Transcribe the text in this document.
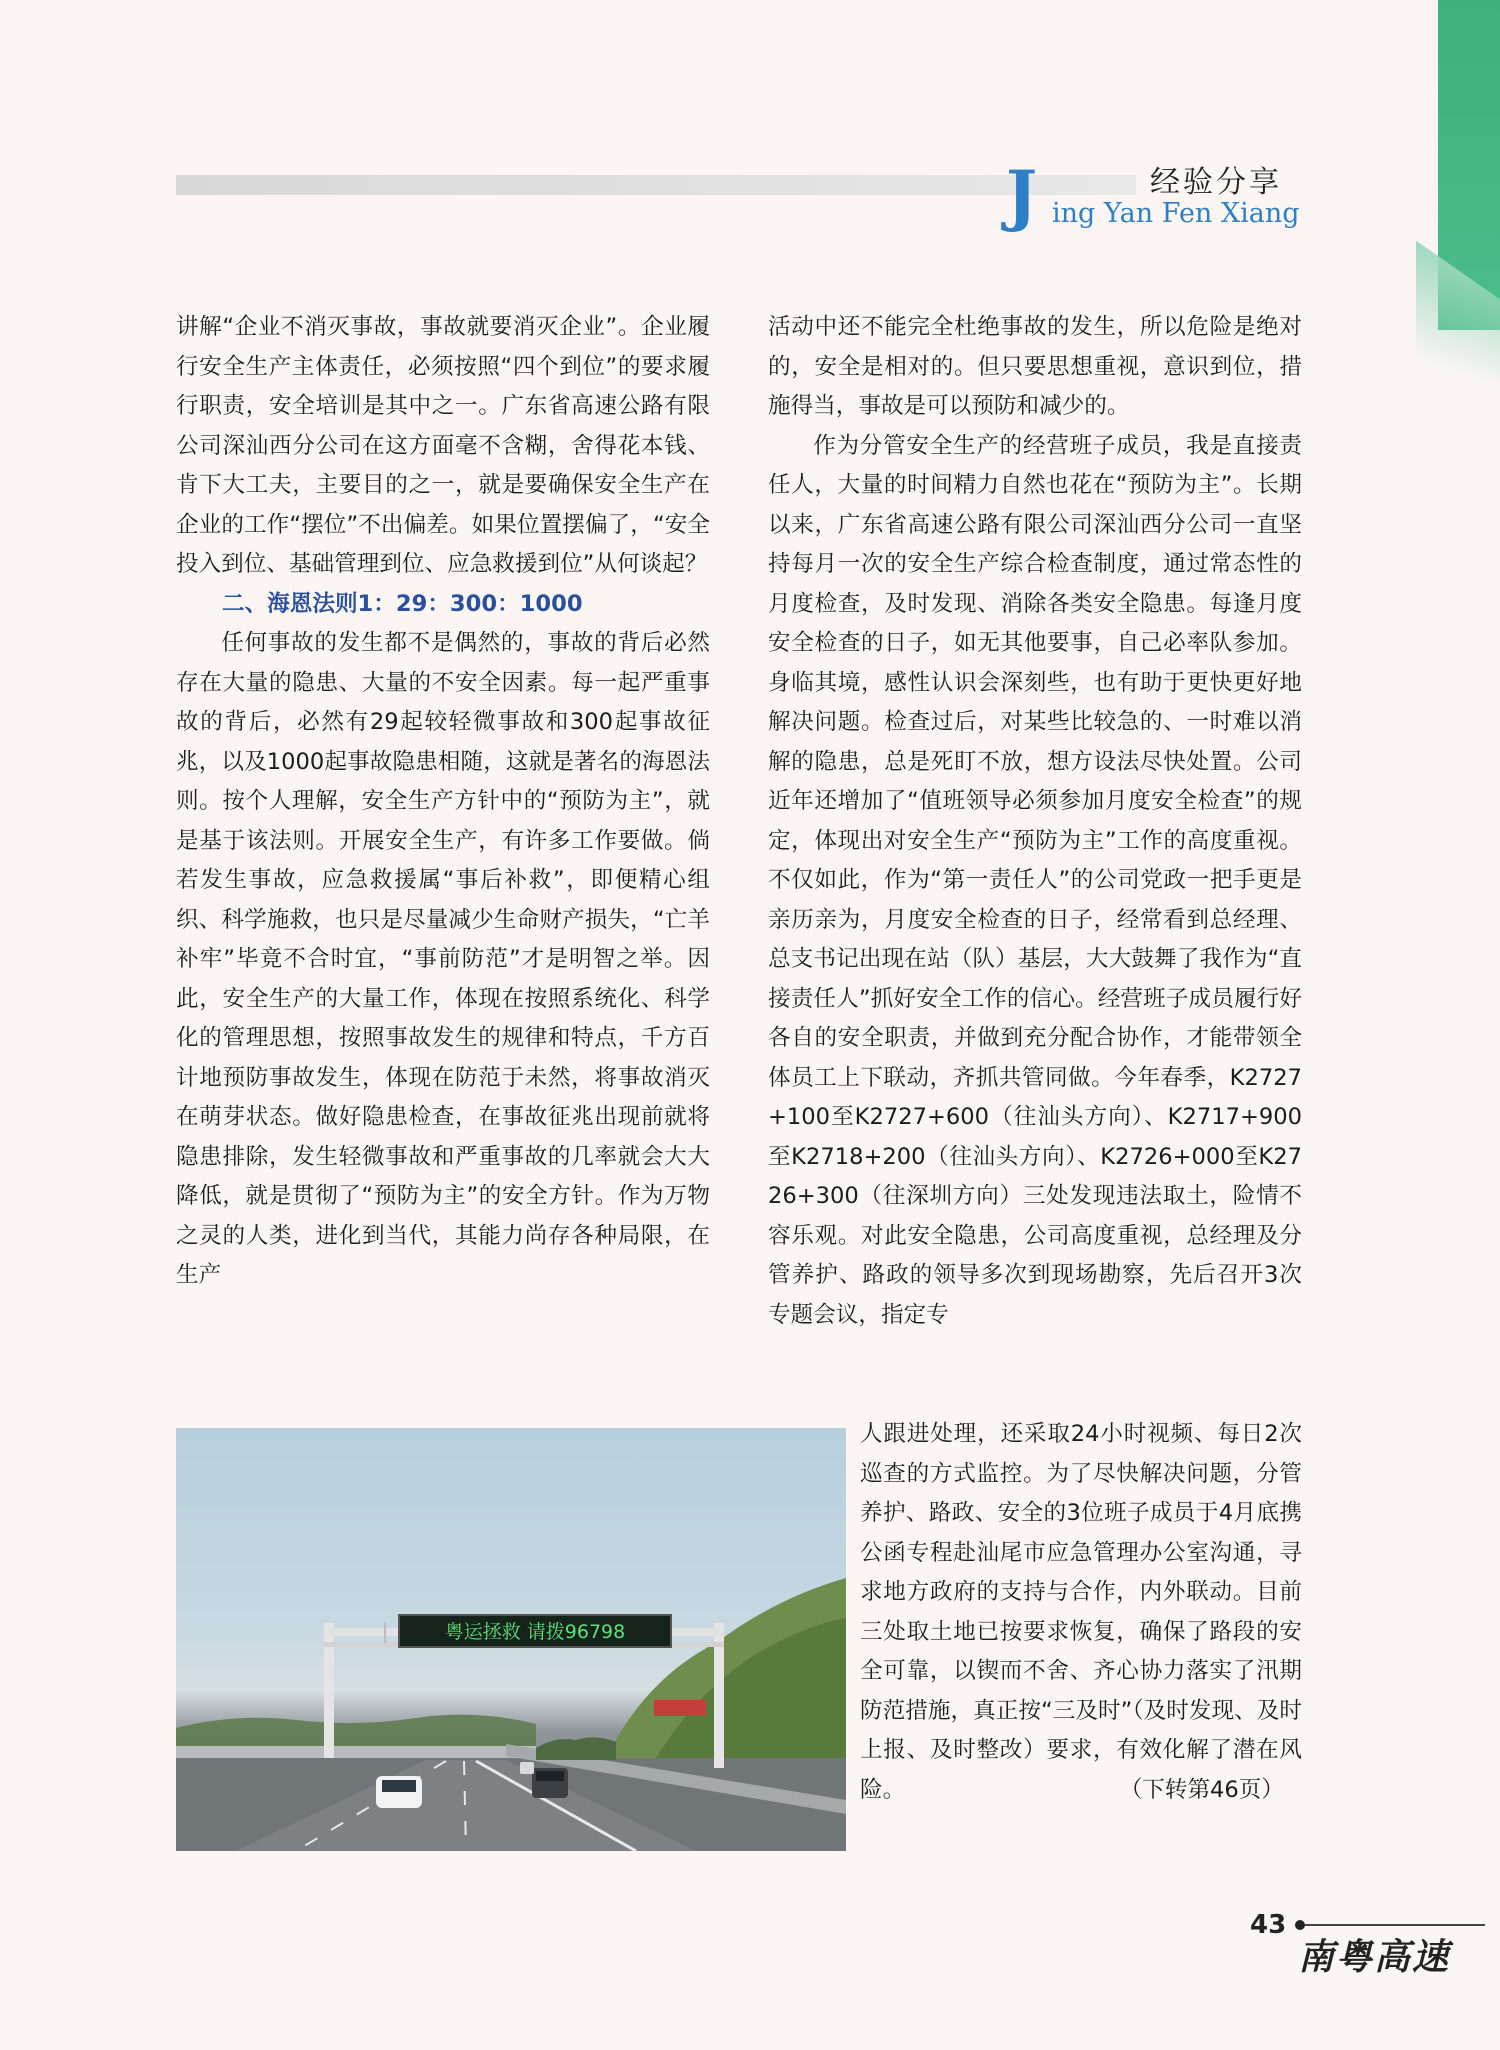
J	经验分享
ing Yan Fen Xiang

讲解“企业不消灭事故，事故就要消灭企业”。企业履行安全生产主体责任，必须按照“四个到位”的要求履行职责，安全培训是其中之一。广东省高速公路有限公司深汕西分公司在这方面毫不含糊，舍得花本钱、肯下大工夫，主要目的之一，就是要确保安全生产在企业的工作“摆位”不出偏差。如果位置摆偏了，“安全投入到位、基础管理到位、应急救援到位”从何谈起？

二、海恩法则1：29：300：1000

任何事故的发生都不是偶然的，事故的背后必然存在大量的隐患、大量的不安全因素。每一起严重事故的背后，必然有29起较轻微事故和300起事故征兆，以及1000起事故隐患相随，这就是著名的海恩法则。按个人理解，安全生产方针中的“预防为主”，就是基于该法则。开展安全生产，有许多工作要做。倘若发生事故，应急救援属“事后补救”，即便精心组织、科学施救，也只是尽量减少生命财产损失，“亡羊补牢”毕竟不合时宜，“事前防范”才是明智之举。因此，安全生产的大量工作，体现在按照系统化、科学化的管理思想，按照事故发生的规律和特点，千方百计地预防事故发生，体现在防范于未然，将事故消灭在萌芽状态。做好隐患检查，在事故征兆出现前就将隐患排除，发生轻微事故和严重事故的几率就会大大降低，就是贯彻了“预防为主”的安全方针。作为万物之灵的人类，进化到当代，其能力尚存各种局限，在生产

活动中还不能完全杜绝事故的发生，所以危险是绝对的，安全是相对的。但只要思想重视，意识到位，措施得当，事故是可以预防和减少的。

作为分管安全生产的经营班子成员，我是直接责任人，大量的时间精力自然也花在“预防为主”。长期以来，广东省高速公路有限公司深汕西分公司一直坚持每月一次的安全生产综合检查制度，通过常态性的月度检查，及时发现、消除各类安全隐患。每逢月度安全检查的日子，如无其他要事，自己必率队参加。身临其境，感性认识会深刻些，也有助于更快更好地解决问题。检查过后，对某些比较急的、一时难以消解的隐患，总是死盯不放，想方设法尽快处置。公司近年还增加了“值班领导必须参加月度安全检查”的规定，体现出对安全生产“预防为主”工作的高度重视。不仅如此，作为“第一责任人”的公司党政一把手更是亲历亲为，月度安全检查的日子，经常看到总经理、总支书记出现在站（队）基层，大大鼓舞了我作为“直接责任人”抓好安全工作的信心。经营班子成员履行好各自的安全职责，并做到充分配合协作，才能带领全体员工上下联动，齐抓共管同做。今年春季，K2727+100至K2727+600（往汕头方向）、K2717+900至K2718+200（往汕头方向）、K2726+000至K2726+300（往深圳方向）三处发现违法取土，险情不容乐观。对此安全隐患，公司高度重视，总经理及分管养护、路政的领导多次到现场勘察，先后召开3次专题会议，指定专

人跟进处理，还采取24小时视频、每日2次巡查的方式监控。为了尽快解决问题，分管养护、路政、安全的3位班子成员于4月底携公函专程赴汕尾市应急管理办公室沟通，寻求地方政府的支持与合作，内外联动。目前三处取土地已按要求恢复，确保了路段的安全可靠，以锲而不舍、齐心协力落实了汛期防范措施，真正按“三及时”（及时发现、及时上报、及时整改）要求，有效化解了潜在风险。	（下转第46页）

粤运拯救 请拨96798
43
南粤高速
